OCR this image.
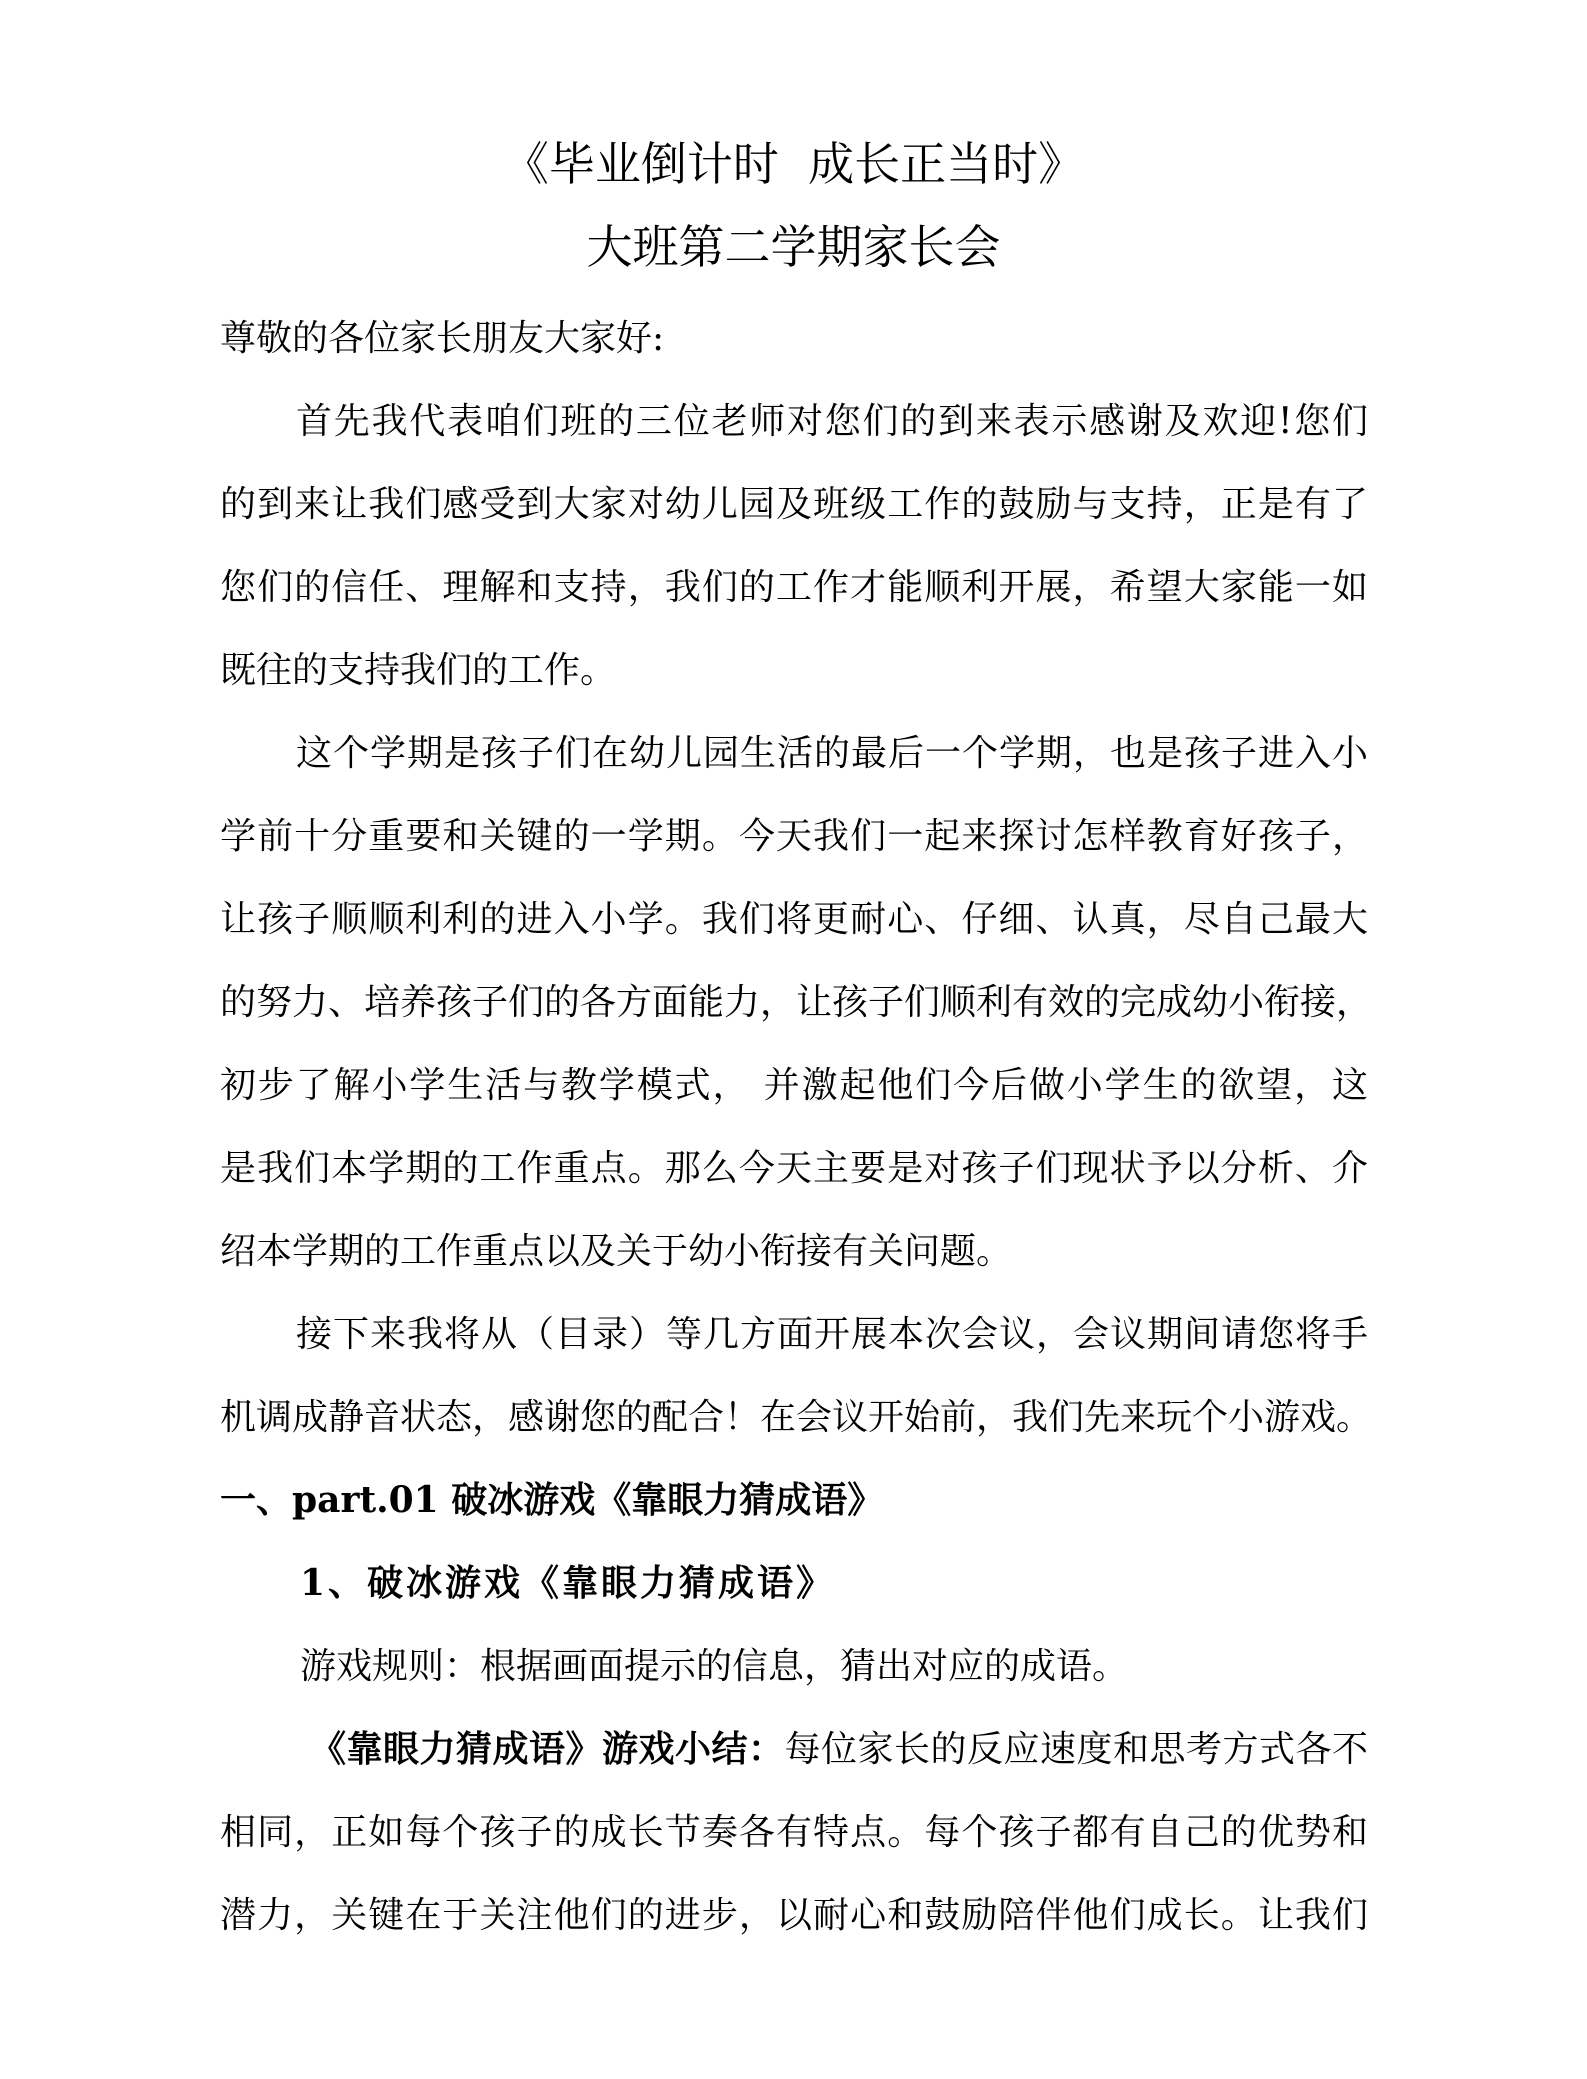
《毕业倒计时  成长正当时》
大班第二学期家长会
尊敬的各位家长朋友大家好:
首先我代表咱们班的三位老师对您们的到来表示感谢及欢迎!您们
的到来让我们感受到大家对幼儿园及班级工作的鼓励与支持，正是有了
您们的信任、理解和支持，我们的工作才能顺利开展，希望大家能一如
既往的支持我们的工作。
这个学期是孩子们在幼儿园生活的最后一个学期，也是孩子进入小
学前十分重要和关键的一学期。今天我们一起来探讨怎样教育好孩子，
让孩子顺顺利利的进入小学。我们将更耐心、仔细、认真，尽自己最大
的努力、培养孩子们的各方面能力，让孩子们顺利有效的完成幼小衔接，
初步了解小学生活与教学模式， 并激起他们今后做小学生的欲望，这
是我们本学期的工作重点。那么今天主要是对孩子们现状予以分析、介
绍本学期的工作重点以及关于幼小衔接有关问题。
接下来我将从（目录）等几方面开展本次会议，会议期间请您将手
机调成静音状态，感谢您的配合！在会议开始前，我们先来玩个小游戏。
一、part.01 破冰游戏《靠眼力猜成语》
1、破冰游戏《靠眼力猜成语》
游戏规则：根据画面提示的信息，猜出对应的成语。
《靠眼力猜成语》游戏小结：每位家长的反应速度和思考方式各不
相同，正如每个孩子的成长节奏各有特点。每个孩子都有自己的优势和
潜力，关键在于关注他们的进步，以耐心和鼓励陪伴他们成长。让我们
